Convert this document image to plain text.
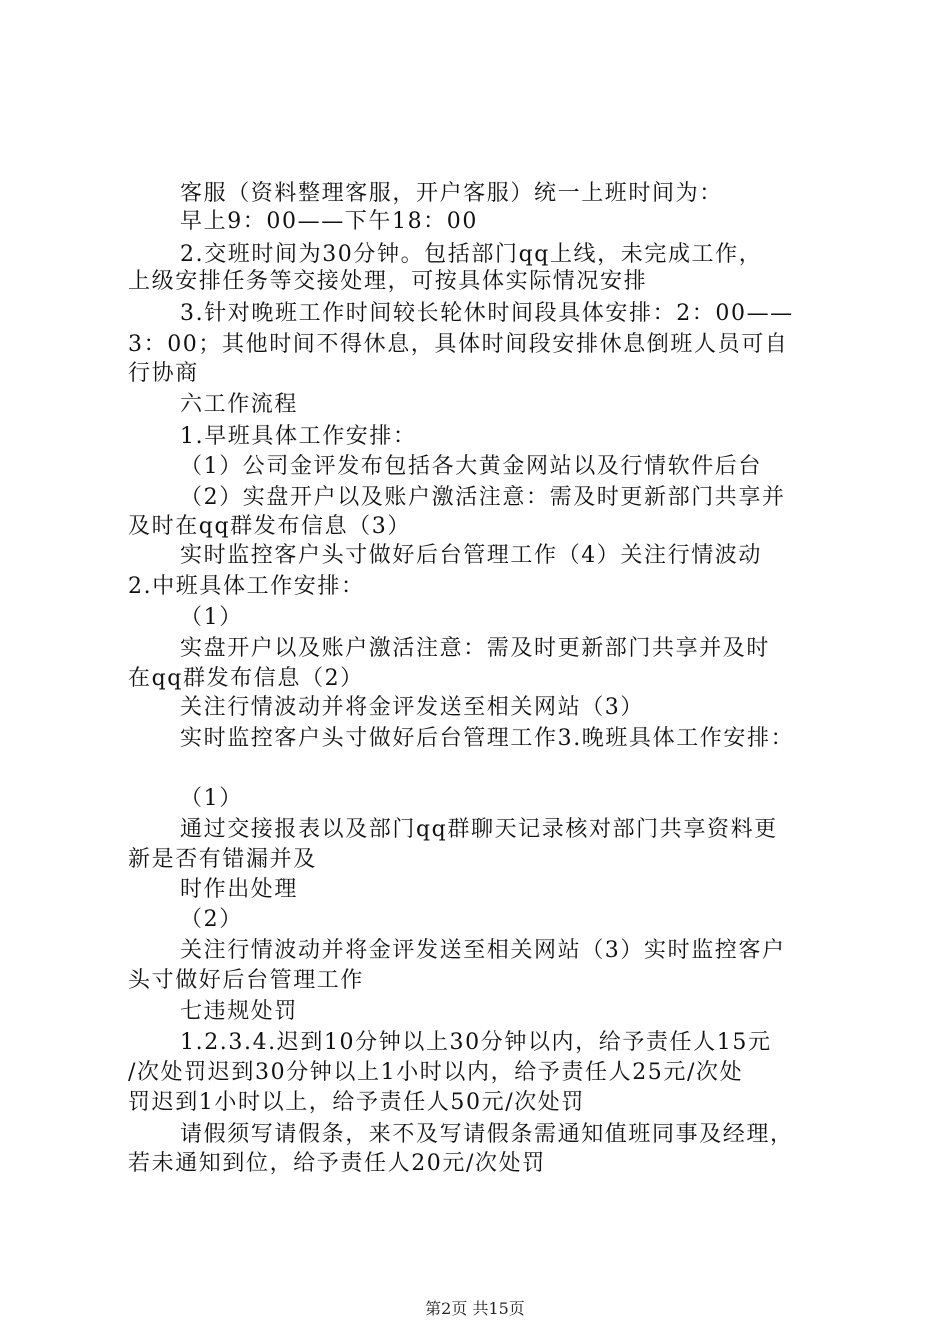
客服（资料整理客服，开户客服）统一上班时间为：
早上9：00——下午18：00
2.交班时间为30分钟。包括部门qq上线，未完成工作，
上级安排任务等交接处理，可按具体实际情况安排
3.针对晚班工作时间较长轮休时间段具体安排：2：00——
3：00；其他时间不得休息，具体时间段安排休息倒班人员可自
行协商
六工作流程
1.早班具体工作安排：
（1）公司金评发布包括各大黄金网站以及行情软件后台
（2）实盘开户以及账户激活注意：需及时更新部门共享并
及时在qq群发布信息（3）
实时监控客户头寸做好后台管理工作（4）关注行情波动
2.中班具体工作安排：
（1）
实盘开户以及账户激活注意：需及时更新部门共享并及时
在qq群发布信息（2）
关注行情波动并将金评发送至相关网站（3）
实时监控客户头寸做好后台管理工作3.晚班具体工作安排：
（1）
通过交接报表以及部门qq群聊天记录核对部门共享资料更
新是否有错漏并及
时作出处理
（2）
关注行情波动并将金评发送至相关网站（3）实时监控客户
头寸做好后台管理工作
七违规处罚
1.2.3.4.迟到10分钟以上30分钟以内，给予责任人15元
/次处罚迟到30分钟以上1小时以内，给予责任人25元/次处
罚迟到1小时以上，给予责任人50元/次处罚
请假须写请假条，来不及写请假条需通知值班同事及经理，
若未通知到位，给予责任人20元/次处罚
第2页 共15页
